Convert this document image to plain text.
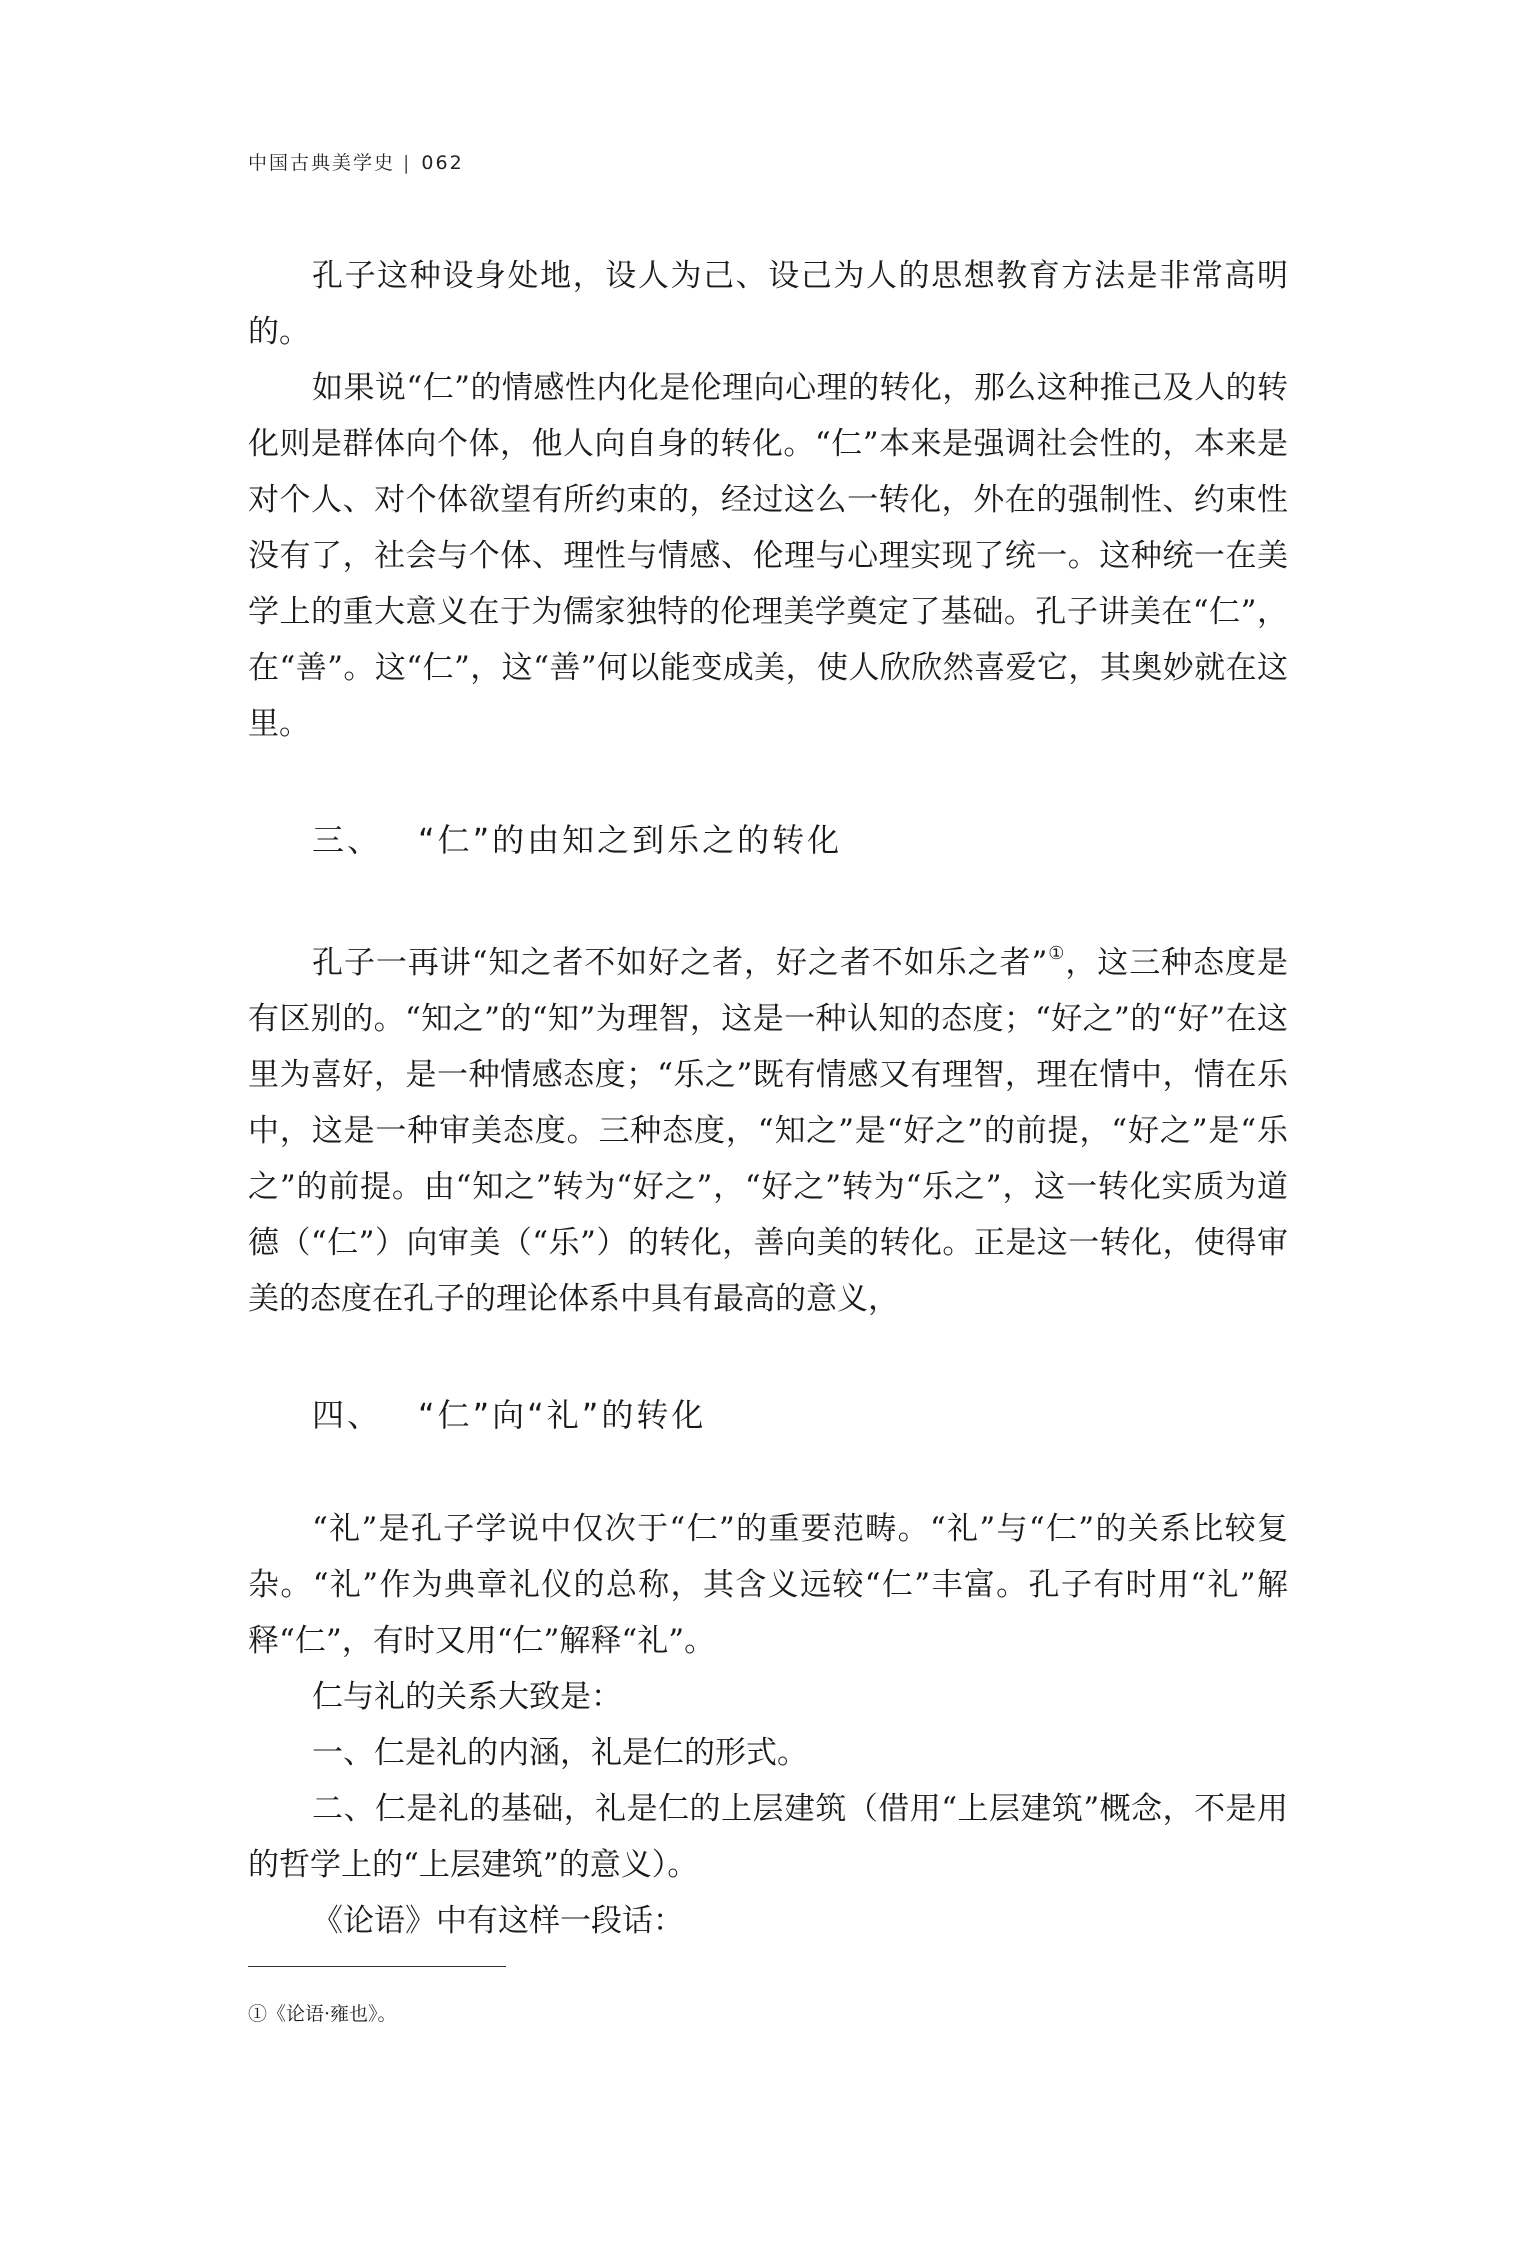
中国古典美学史 | 062

孔子这种设身处地，设人为己、设己为人的思想教育方法是非常高明的。

如果说“仁”的情感性内化是伦理向心理的转化，那么这种推己及人的转化则是群体向个体，他人向自身的转化。“仁”本来是强调社会性的，本来是对个人、对个体欲望有所约束的，经过这么一转化，外在的强制性、约束性没有了，社会与个体、理性与情感、伦理与心理实现了统一。这种统一在美学上的重大意义在于为儒家独特的伦理美学奠定了基础。孔子讲美在“仁”，在“善”。这“仁”，这“善”何以能变成美，使人欣欣然喜爱它，其奥妙就在这里。

三、 “仁”的由知之到乐之的转化

孔子一再讲“知之者不如好之者，好之者不如乐之者”①，这三种态度是有区别的。“知之”的“知”为理智，这是一种认知的态度；“好之”的“好”在这里为喜好，是一种情感态度；“乐之”既有情感又有理智，理在情中，情在乐中，这是一种审美态度。三种态度，“知之”是“好之”的前提，“好之”是“乐之”的前提。由“知之”转为“好之”，“好之”转为“乐之”，这一转化实质为道德（“仁”）向审美（“乐”）的转化，善向美的转化。正是这一转化，使得审美的态度在孔子的理论体系中具有最高的意义，

四、 “仁”向“礼”的转化

“礼”是孔子学说中仅次于“仁”的重要范畴。“礼”与“仁”的关系比较复杂。“礼”作为典章礼仪的总称，其含义远较“仁”丰富。孔子有时用“礼”解释“仁”，有时又用“仁”解释“礼”。

仁与礼的关系大致是：

一、仁是礼的内涵，礼是仁的形式。

二、仁是礼的基础，礼是仁的上层建筑（借用“上层建筑”概念，不是用的哲学上的“上层建筑”的意义）。

《论语》中有这样一段话：

①《论语·雍也》。
